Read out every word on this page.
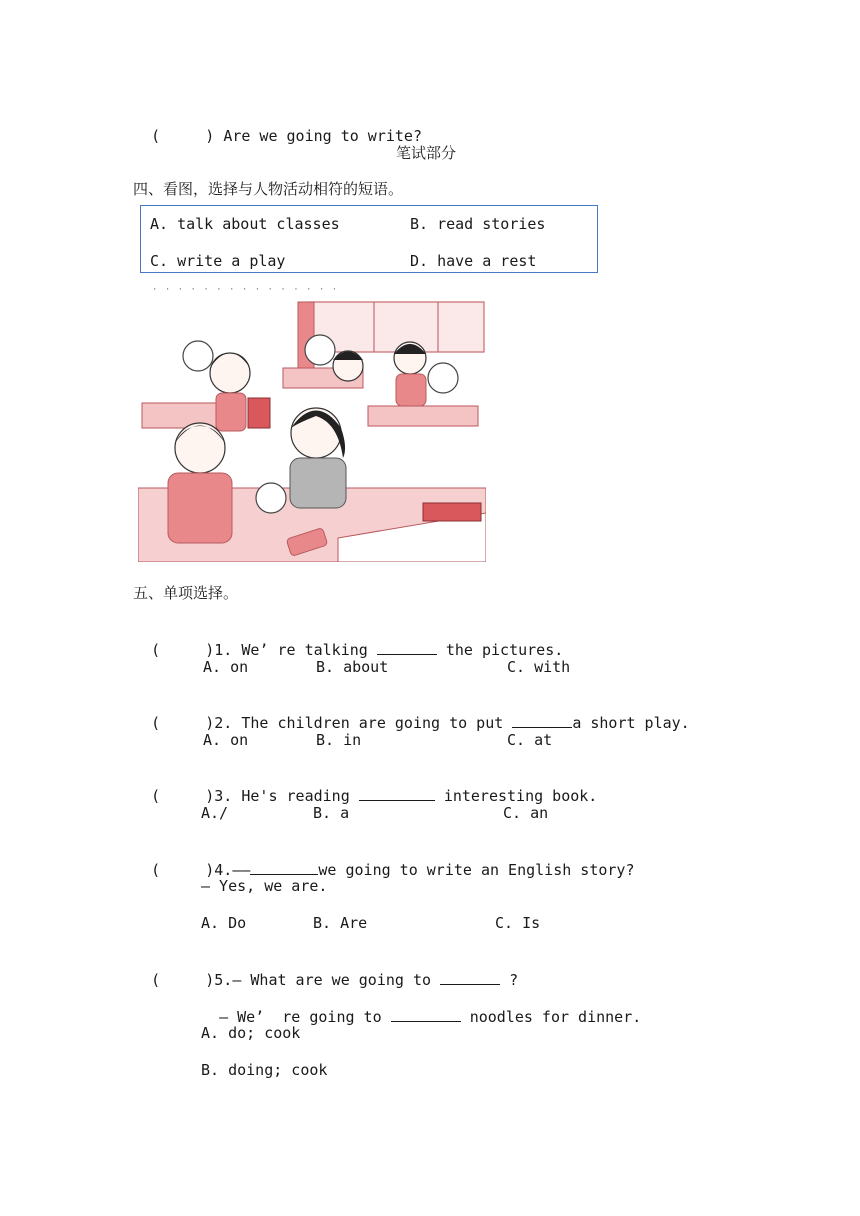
(     ) Are we going to write?

笔试部分
四、看图，选择与人物活动相符的短语。
A. talk about classes	B. read stories
C. write a play	D. have a rest
· · · · · · · · · · · · · · ·
五、单项选择。

(     )1. We’ re talking	the pictures.

A. on	B. about	C. with

(     )2. The children are going to put	a short play.

A. on	B. in	C. at

(     )3. He's reading	interesting book.

A./	B. a	C. an

(     )4.——	we going to write an English story?

— Yes, we are.
A. Do	B. Are	C. Is

(     )5.— What are we going to	?

— We’  re going to	noodles for dinner.

A. do; cook
B. doing; cook
